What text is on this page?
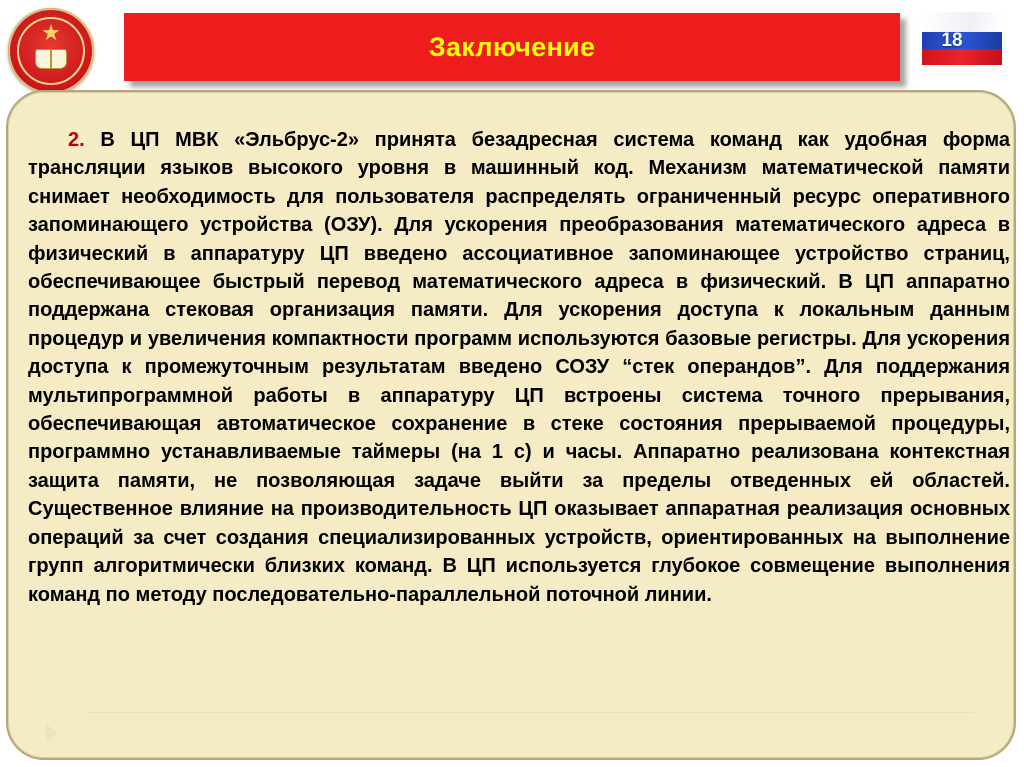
★	Заключение	18

2. В ЦП МВК «Эльбрус-2» принята безадресная система команд как удобная форма трансляции языков высокого уровня в машинный код. Механизм математической памяти снимает необходимость для пользователя распределять ограниченный ресурс оперативного запоминающего устройства (ОЗУ). Для ускорения преобразования математического адреса в физический в аппаратуру ЦП введено ассоциативное запоминающее устройство страниц, обеспечивающее быстрый перевод математического адреса в физический. В ЦП аппаратно поддержана стековая организация памяти. Для ускорения доступа к локальным данным процедур и увеличения компактности программ используются базовые регистры. Для ускорения доступа к промежуточным результатам введено СОЗУ “стек операндов”. Для поддержания мультипрограммной работы в аппаратуру ЦП встроены система точного прерывания, обеспечивающая автоматическое сохранение в стеке состояния прерываемой процедуры, программно устанавливаемые таймеры (на 1 с) и часы. Аппаратно реализована контекстная защита памяти, не позволяющая задаче выйти за пределы отведенных ей областей. Существенное влияние на производительность ЦП оказывает аппаратная реализация основных операций за счет создания специализированных устройств, ориентированных на выполнение групп алгоритмически близких команд. В ЦП используется глубокое совмещение выполнения команд по методу последовательно-параллельной поточной линии.
